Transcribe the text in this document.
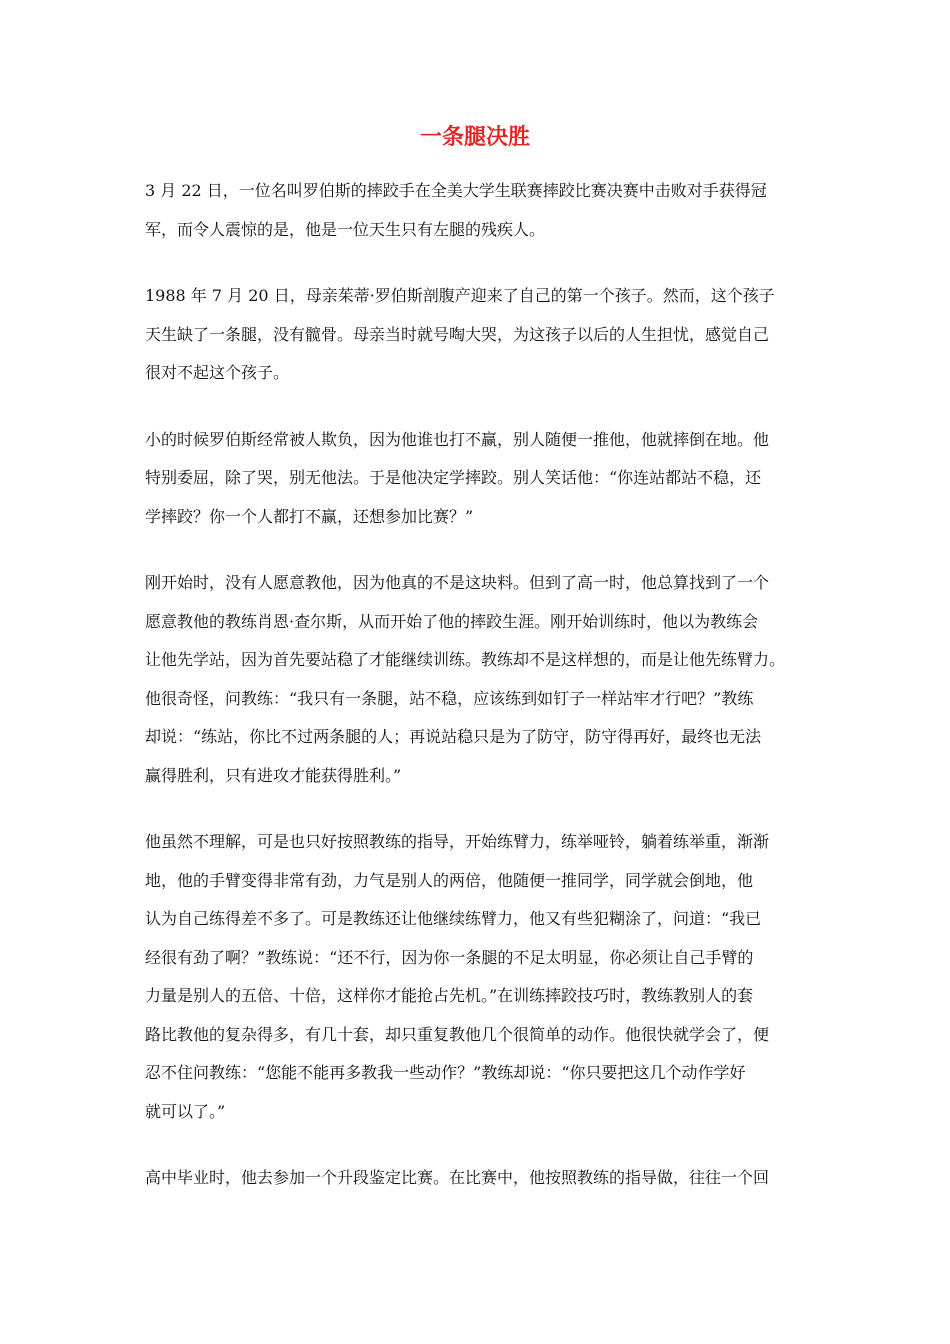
一条腿决胜

3 月 22 日，一位名叫罗伯斯的摔跤手在全美大学生联赛摔跤比赛决赛中击败对手获得冠
军，而令人震惊的是，他是一位天生只有左腿的残疾人。

1988 年 7 月 20 日，母亲茱蒂·罗伯斯剖腹产迎来了自己的第一个孩子。然而，这个孩子
天生缺了一条腿，没有髋骨。母亲当时就号啕大哭，为这孩子以后的人生担忧，感觉自己
很对不起这个孩子。

小的时候罗伯斯经常被人欺负，因为他谁也打不赢，别人随便一推他，他就摔倒在地。他
特别委屈，除了哭，别无他法。于是他决定学摔跤。别人笑话他：“你连站都站不稳，还
学摔跤？你一个人都打不赢，还想参加比赛？”

刚开始时，没有人愿意教他，因为他真的不是这块料。但到了高一时，他总算找到了一个
愿意教他的教练肖恩·查尔斯，从而开始了他的摔跤生涯。刚开始训练时，他以为教练会
让他先学站，因为首先要站稳了才能继续训练。教练却不是这样想的，而是让他先练臂力。
他很奇怪，问教练：“我只有一条腿，站不稳，应该练到如钉子一样站牢才行吧？”教练
却说：“练站，你比不过两条腿的人；再说站稳只是为了防守，防守得再好，最终也无法
赢得胜利，只有进攻才能获得胜利。”

他虽然不理解，可是也只好按照教练的指导，开始练臂力，练举哑铃，躺着练举重，渐渐
地，他的手臂变得非常有劲，力气是别人的两倍，他随便一推同学，同学就会倒地，他
认为自己练得差不多了。可是教练还让他继续练臂力，他又有些犯糊涂了，问道：“我已
经很有劲了啊？”教练说：“还不行，因为你一条腿的不足太明显，你必须让自己手臂的
力量是别人的五倍、十倍，这样你才能抢占先机。”在训练摔跤技巧时，教练教别人的套
路比教他的复杂得多，有几十套，却只重复教他几个很简单的动作。他很快就学会了，便
忍不住问教练：“您能不能再多教我一些动作？”教练却说：“你只要把这几个动作学好
就可以了。”

高中毕业时，他去参加一个升段鉴定比赛。在比赛中，他按照教练的指导做，往往一个回
